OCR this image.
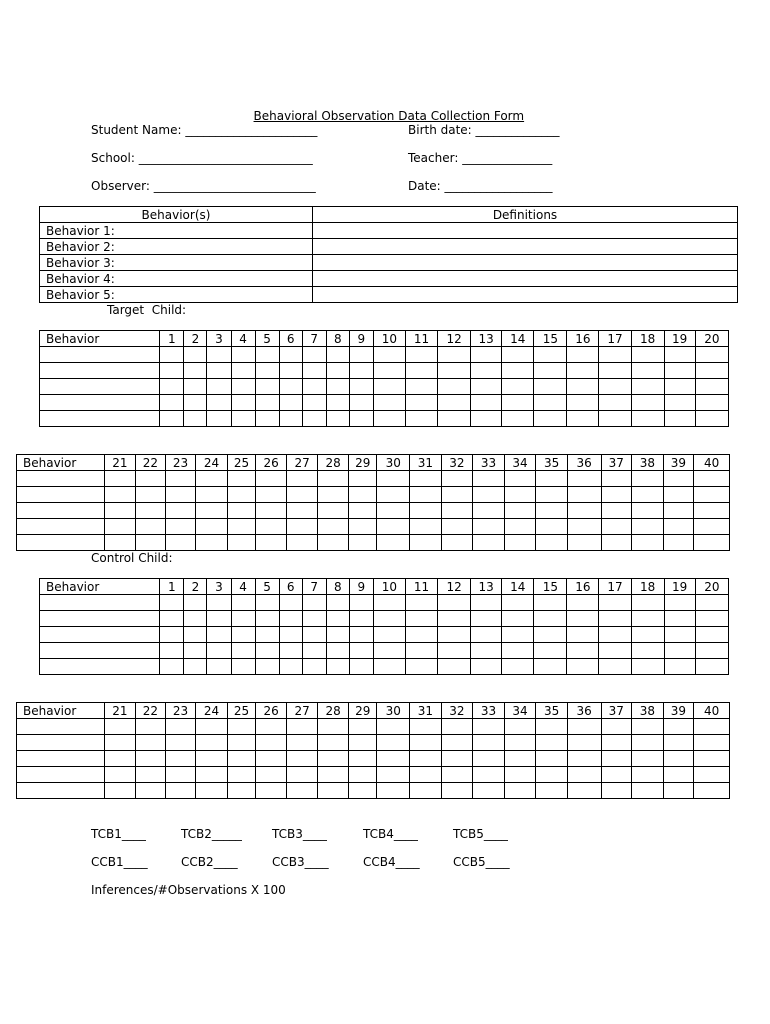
Behavioral Observation Data Collection Form

Student Name: ______________________	Birth date: ______________
School: _____________________________	Teacher: _______________
Observer: ___________________________	Date: __________________
Behavior(s)	Definitions
Behavior 1:	
Behavior 2:	
Behavior 3:	
Behavior 4:	
Behavior 5:	
Target  Child:
Behavior	1	2	3	4	5	6	7	8	9	10	11	12	13	14	15	16	17	18	19	20

Behavior	21	22	23	24	25	26	27	28	29	30	31	32	33	34	35	36	37	38	39	40

Control Child:
Behavior	1	2	3	4	5	6	7	8	9	10	11	12	13	14	15	16	17	18	19	20

Behavior	21	22	23	24	25	26	27	28	29	30	31	32	33	34	35	36	37	38	39	40

TCB1____	TCB2_____	TCB3____	TCB4____	TCB5____
CCB1____	CCB2____	CCB3____	CCB4____	CCB5____
Inferences/#Observations X 100
